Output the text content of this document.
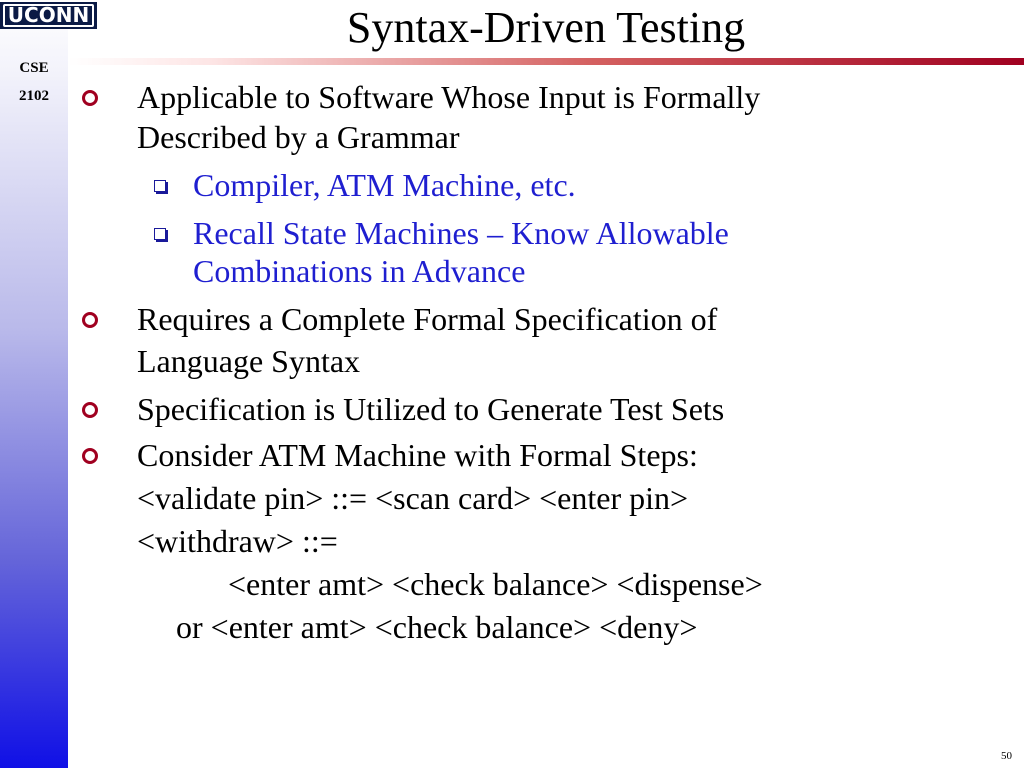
UCONN
CSE
2102
Syntax-Driven Testing
Applicable to Software Whose Input is Formally
Described by a Grammar
Compiler, ATM Machine, etc.
Recall State Machines – Know Allowable
Combinations in Advance
Requires a Complete Formal Specification of
Language Syntax
Specification is Utilized to Generate Test Sets
Consider ATM Machine with Formal Steps:
<validate pin> ::= <scan card> <enter pin>
<withdraw> ::=
<enter amt> <check balance> <dispense>
or <enter amt> <check balance> <deny>
50
